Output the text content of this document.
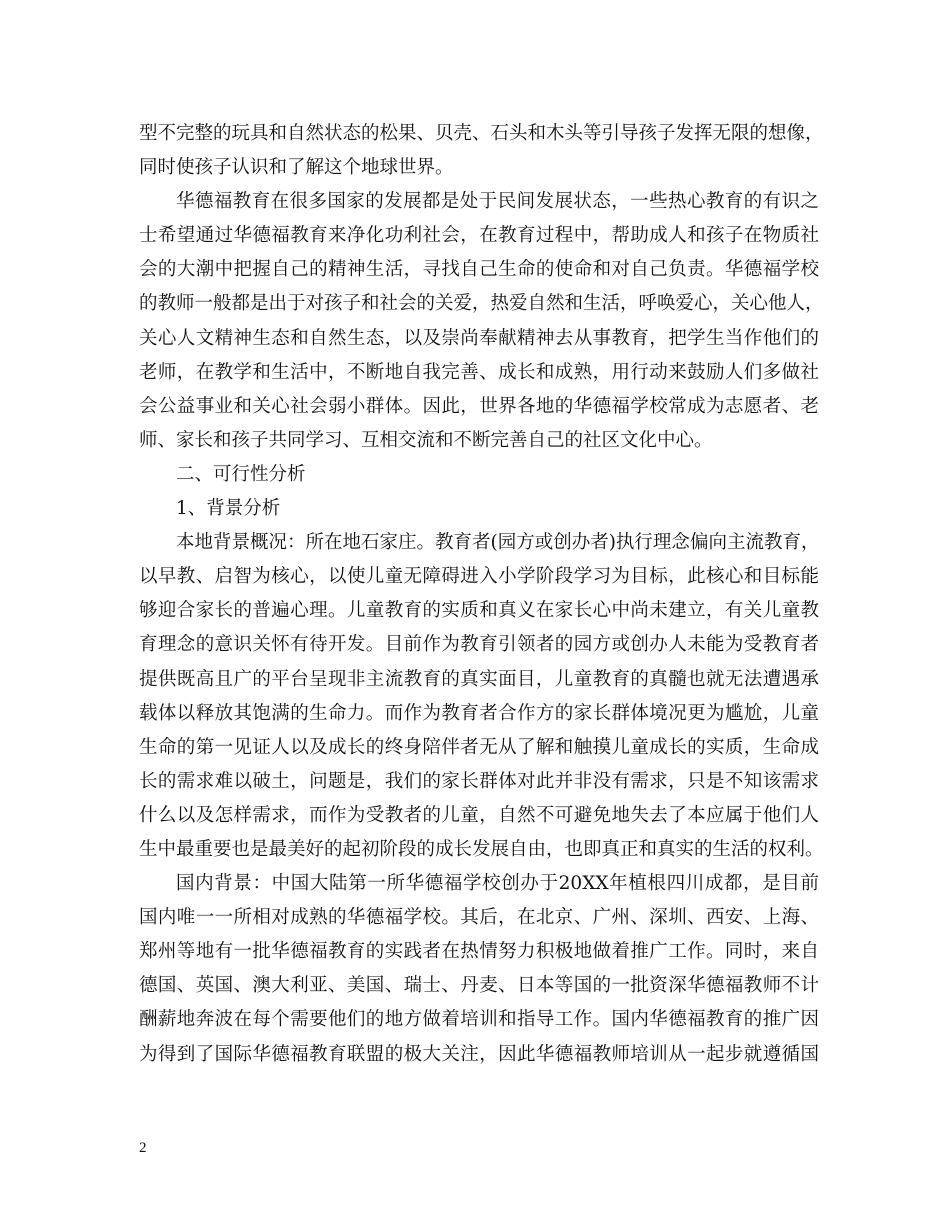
型不完整的玩具和自然状态的松果、贝壳、石头和木头等引导孩子发挥无限的想像，
同时使孩子认识和了解这个地球世界。
华德福教育在很多国家的发展都是处于民间发展状态，一些热心教育的有识之
士希望通过华德福教育来净化功利社会，在教育过程中，帮助成人和孩子在物质社
会的大潮中把握自己的精神生活，寻找自己生命的使命和对自己负责。华德福学校
的教师一般都是出于对孩子和社会的关爱，热爱自然和生活，呼唤爱心，关心他人，
关心人文精神生态和自然生态，以及崇尚奉献精神去从事教育，把学生当作他们的
老师，在教学和生活中，不断地自我完善、成长和成熟，用行动来鼓励人们多做社
会公益事业和关心社会弱小群体。因此，世界各地的华德福学校常成为志愿者、老
师、家长和孩子共同学习、互相交流和不断完善自己的社区文化中心。
二、可行性分析
1、背景分析
本地背景概况：所在地石家庄。教育者(园方或创办者)执行理念偏向主流教育，
以早教、启智为核心，以使儿童无障碍进入小学阶段学习为目标，此核心和目标能
够迎合家长的普遍心理。儿童教育的实质和真义在家长心中尚未建立，有关儿童教
育理念的意识关怀有待开发。目前作为教育引领者的园方或创办人未能为受教育者
提供既高且广的平台呈现非主流教育的真实面目，儿童教育的真髓也就无法遭遇承
载体以释放其饱满的生命力。而作为教育者合作方的家长群体境况更为尴尬，儿童
生命的第一见证人以及成长的终身陪伴者无从了解和触摸儿童成长的实质，生命成
长的需求难以破土，问题是，我们的家长群体对此并非没有需求，只是不知该需求
什么以及怎样需求，而作为受教者的儿童，自然不可避免地失去了本应属于他们人
生中最重要也是最美好的起初阶段的成长发展自由，也即真正和真实的生活的权利。
国内背景：中国大陆第一所华德福学校创办于20XX年植根四川成都，是目前
国内唯一一所相对成熟的华德福学校。其后，在北京、广州、深圳、西安、上海、
郑州等地有一批华德福教育的实践者在热情努力积极地做着推广工作。同时，来自
德国、英国、澳大利亚、美国、瑞士、丹麦、日本等国的一批资深华德福教师不计
酬薪地奔波在每个需要他们的地方做着培训和指导工作。国内华德福教育的推广因
为得到了国际华德福教育联盟的极大关注，因此华德福教师培训从一起步就遵循国
2
